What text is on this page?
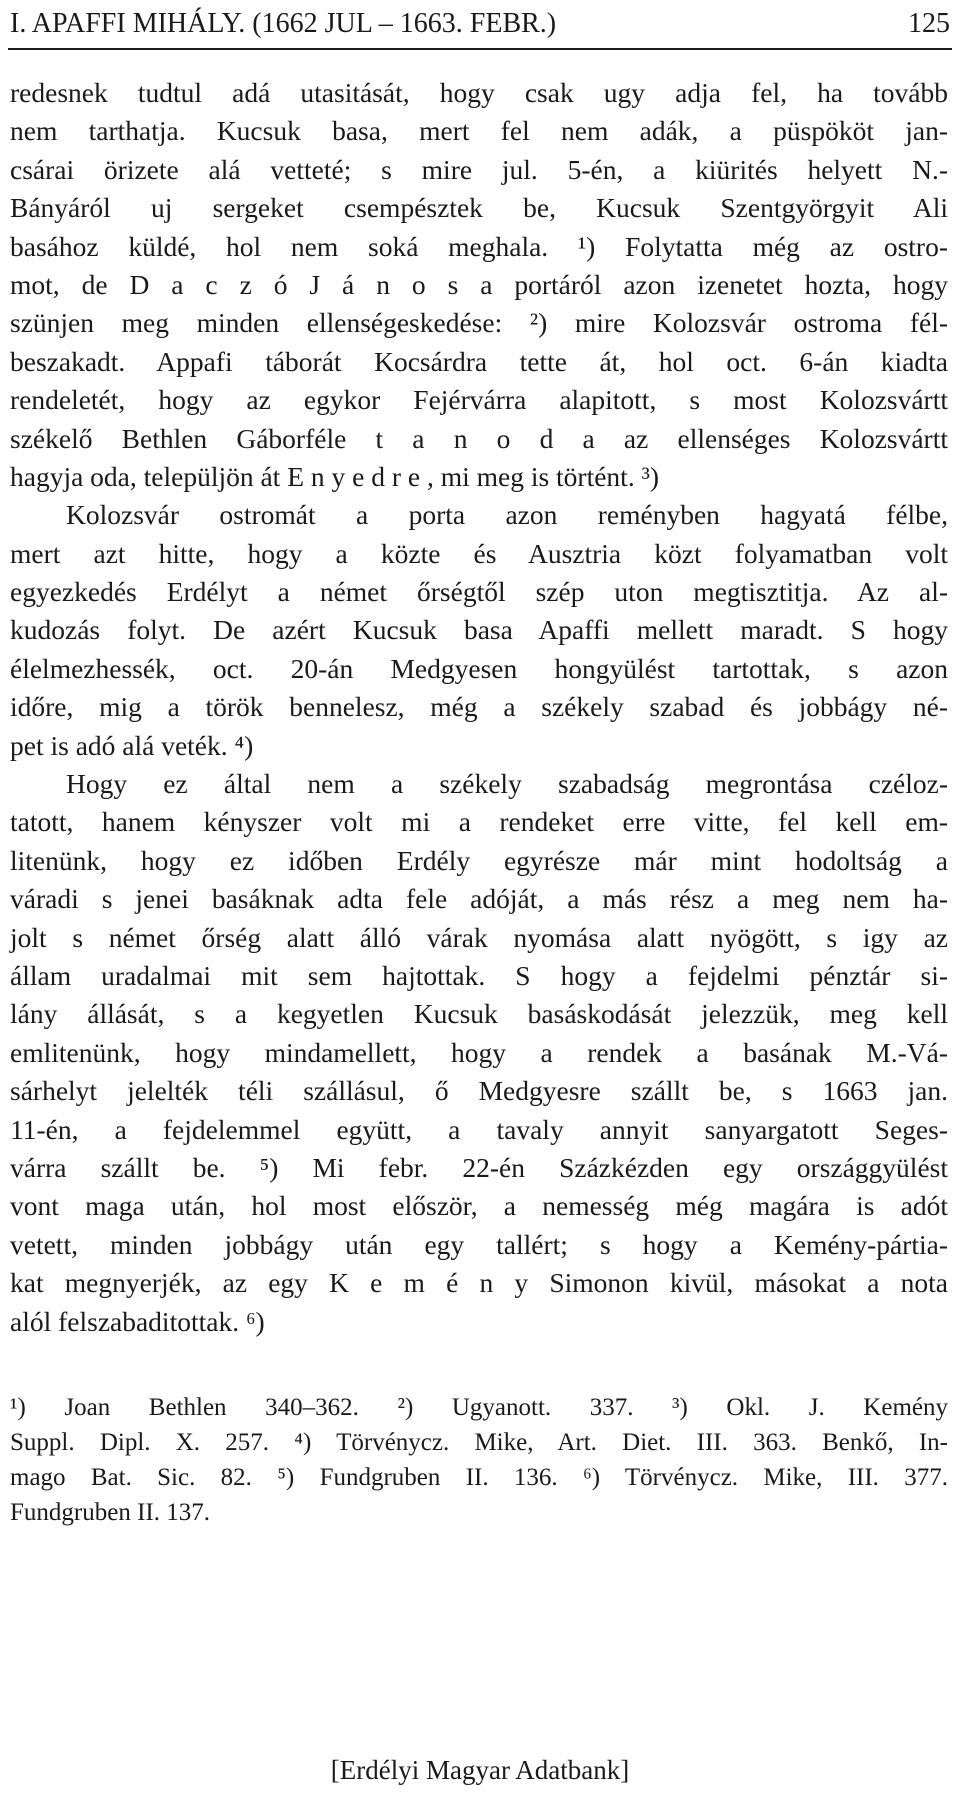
I. APAFFI MIHÁLY. (1662 JUL – 1663. FEBR.)	125
redesnek tudtul adá utasitását, hogy csak ugy adja fel, ha tovább
nem tarthatja. Kucsuk basa, mert fel nem adák, a püspököt jan-
csárai örizete alá vetteté; s mire jul. 5-én, a kiürités helyett N.-
Bányáról uj sergeket csempésztek be, Kucsuk Szentgyörgyit Ali
basához küldé, hol nem soká meghala. ¹) Folytatta még az ostro-
mot, de D a c z ó J á n o s a portáról azon izenetet hozta, hogy
szünjen meg minden ellenségeskedése: ²) mire Kolozsvár ostroma fél-
beszakadt. Appafi táborát Kocsárdra tette át, hol oct. 6-án kiadta
rendeletét, hogy az egykor Fejérvárra alapitott, s most Kolozsvártt
székelő Bethlen Gáborféle t a n o d a az ellenséges Kolozsvártt
hagyja oda, települjön át E n y e d r e , mi meg is történt. ³)
Kolozsvár ostromát a porta azon reményben hagyatá félbe,
mert azt hitte, hogy a közte és Ausztria közt folyamatban volt
egyezkedés Erdélyt a német őrségtől szép uton megtisztitja. Az al-
kudozás folyt. De azért Kucsuk basa Apaffi mellett maradt. S hogy
élelmezhessék, oct. 20-án Medgyesen hongyülést tartottak, s azon
időre, mig a török bennelesz, még a székely szabad és jobbágy né-
pet is adó alá veték. ⁴)
Hogy ez által nem a székely szabadság megrontása czéloz-
tatott, hanem kényszer volt mi a rendeket erre vitte, fel kell em-
litenünk, hogy ez időben Erdély egyrésze már mint hodoltság a
váradi s jenei basáknak adta fele adóját, a más rész a meg nem ha-
jolt s német őrség alatt álló várak nyomása alatt nyögött, s igy az
állam uradalmai mit sem hajtottak. S hogy a fejdelmi pénztár si-
lány állását, s a kegyetlen Kucsuk basáskodását jelezzük, meg kell
emlitenünk, hogy mindamellett, hogy a rendek a basának M.-Vá-
sárhelyt jelelték téli szállásul, ő Medgyesre szállt be, s 1663 jan.
11-én, a fejdelemmel együtt, a tavaly annyit sanyargatott Seges-
várra szállt be. ⁵) Mi febr. 22-én Százkézden egy országgyülést
vont maga után, hol most először, a nemesség még magára is adót
vetett, minden jobbágy után egy tallért; s hogy a Kemény-pártia-
kat megnyerjék, az egy K e m é n y Simonon kivül, másokat a nota
alól felszabaditottak. ⁶)
¹) Joan Bethlen 340–362. ²) Ugyanott. 337. ³) Okl. J. Kemény
Suppl. Dipl. X. 257. ⁴) Törvénycz. Mike, Art. Diet. III. 363. Benkő, In-
mago Bat. Sic. 82. ⁵) Fundgruben II. 136. ⁶) Törvénycz. Mike, III. 377.
Fundgruben II. 137.
[Erdélyi Magyar Adatbank]
